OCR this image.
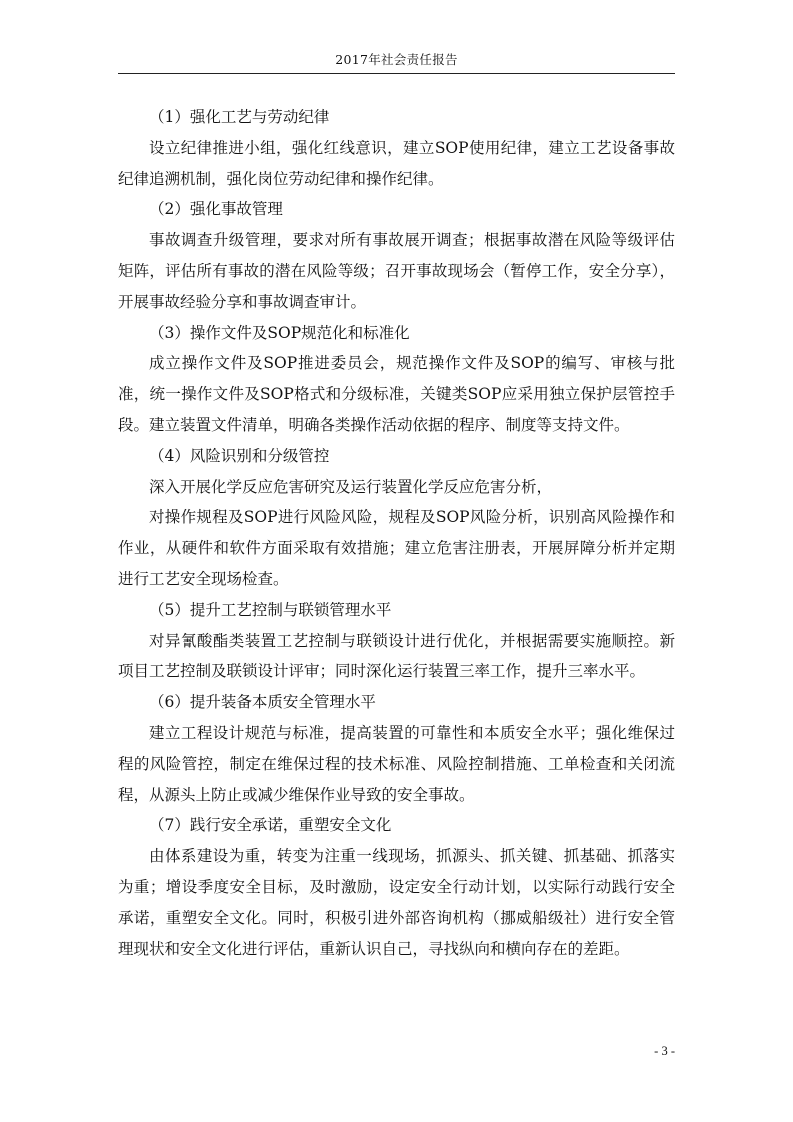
2017年社会责任报告

（1）强化工艺与劳动纪律

设立纪律推进小组，强化红线意识，建立SOP使用纪律，建立工艺设备事故纪律追溯机制，强化岗位劳动纪律和操作纪律。

（2）强化事故管理

事故调查升级管理，要求对所有事故展开调查；根据事故潜在风险等级评估矩阵，评估所有事故的潜在风险等级；召开事故现场会（暂停工作，安全分享），开展事故经验分享和事故调查审计。

（3）操作文件及SOP规范化和标准化

成立操作文件及SOP推进委员会，规范操作文件及SOP的编写、审核与批准，统一操作文件及SOP格式和分级标准，关键类SOP应采用独立保护层管控手段。建立装置文件清单，明确各类操作活动依据的程序、制度等支持文件。

（4）风险识别和分级管控

深入开展化学反应危害研究及运行装置化学反应危害分析，

对操作规程及SOP进行风险风险，规程及SOP风险分析，识别高风险操作和作业，从硬件和软件方面采取有效措施；建立危害注册表，开展屏障分析并定期进行工艺安全现场检查。

（5）提升工艺控制与联锁管理水平

对异氰酸酯类装置工艺控制与联锁设计进行优化，并根据需要实施顺控。新项目工艺控制及联锁设计评审；同时深化运行装置三率工作，提升三率水平。

（6）提升装备本质安全管理水平

建立工程设计规范与标准，提高装置的可靠性和本质安全水平；强化维保过程的风险管控，制定在维保过程的技术标准、风险控制措施、工单检查和关闭流程，从源头上防止或减少维保作业导致的安全事故。

（7）践行安全承诺，重塑安全文化

由体系建设为重，转变为注重一线现场，抓源头、抓关键、抓基础、抓落实为重；增设季度安全目标，及时激励，设定安全行动计划，以实际行动践行安全承诺，重塑安全文化。同时，积极引进外部咨询机构（挪威船级社）进行安全管理现状和安全文化进行评估，重新认识自己，寻找纵向和横向存在的差距。

- 3 -
